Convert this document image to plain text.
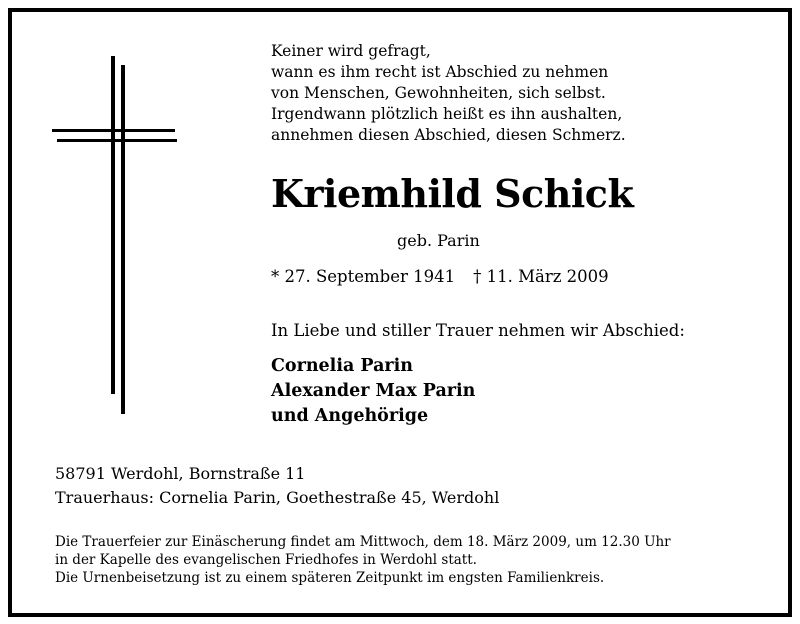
Keiner wird gefragt,
wann es ihm recht ist Abschied zu nehmen
von Menschen, Gewohnheiten, sich selbst.
Irgendwann plötzlich heißt es ihn aushalten,
annehmen diesen Abschied, diesen Schmerz.
Kriemhild Schick
geb. Parin
* 27. September 1941 † 11. März 2009
In Liebe und stiller Trauer nehmen wir Abschied:
Cornelia Parin
Alexander Max Parin
und Angehörige
58791 Werdohl, Bornstraße 11
Trauerhaus: Cornelia Parin, Goethestraße 45, Werdohl
Die Trauerfeier zur Einäscherung findet am Mittwoch, dem 18. März 2009, um 12.30 Uhr
in der Kapelle des evangelischen Friedhofes in Werdohl statt.
Die Urnenbeisetzung ist zu einem späteren Zeitpunkt im engsten Familienkreis.
